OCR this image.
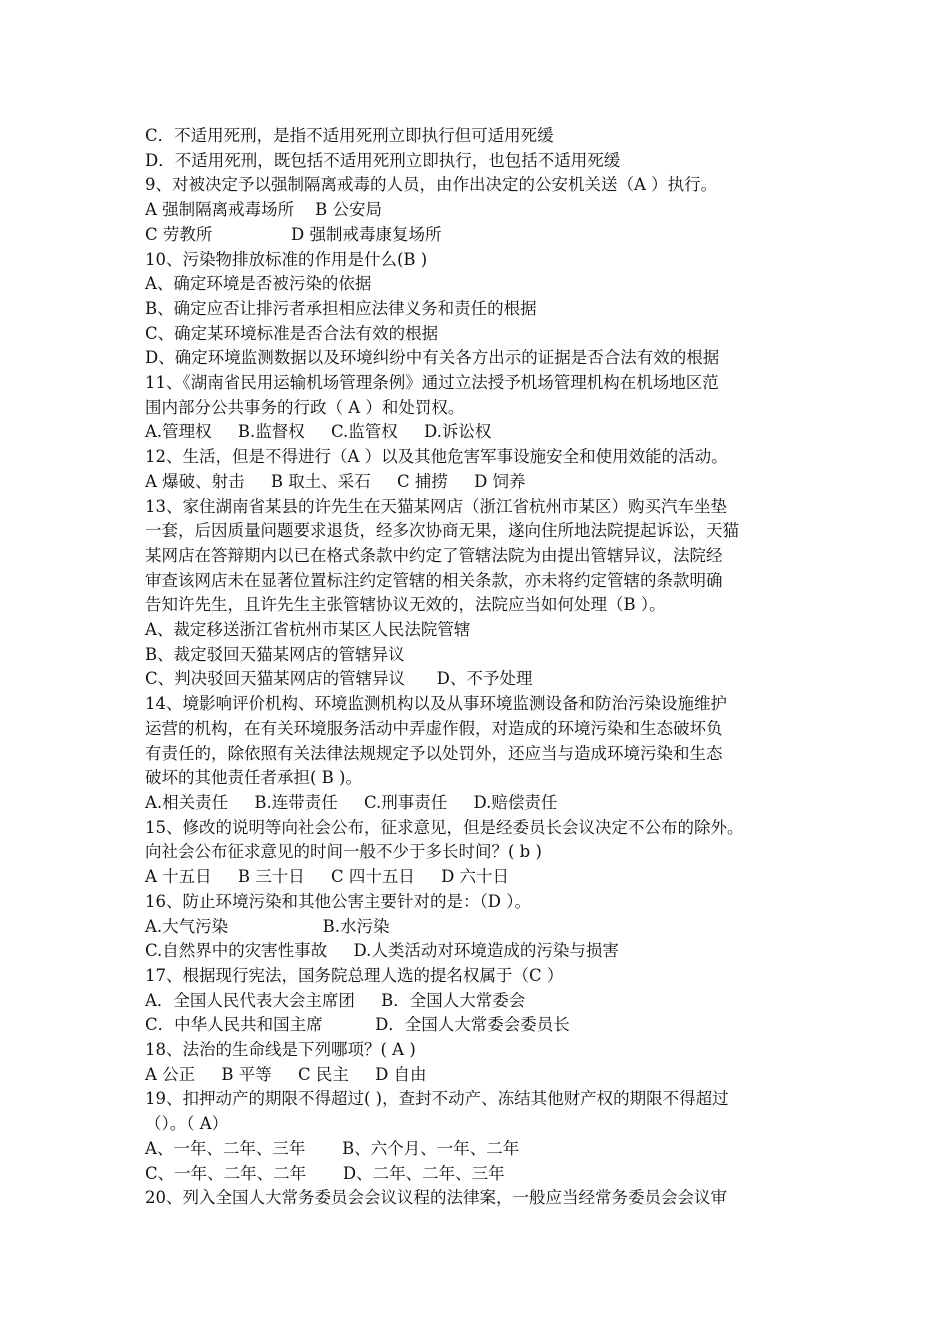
C．不适用死刑，是指不适用死刑立即执行但可适用死缓
D．不适用死刑，既包括不适用死刑立即执行，也包括不适用死缓
9、对被决定予以强制隔离戒毒的人员，由作出决定的公安机关送（A ）执行。
A 强制隔离戒毒场所    B 公安局
C 劳教所               D 强制戒毒康复场所
10、污染物排放标准的作用是什么(B )
A、确定环境是否被污染的依据
B、确定应否让排污者承担相应法律义务和责任的根据
C、确定某环境标准是否合法有效的根据
D、确定环境监测数据以及环境纠纷中有关各方出示的证据是否合法有效的根据
11、《湖南省民用运输机场管理条例》通过立法授予机场管理机构在机场地区范
围内部分公共事务的行政（ A ）和处罚权。
A.管理权     B.监督权     C.监管权     D.诉讼权
12、生活，但是不得进行（A ）以及其他危害军事设施安全和使用效能的活动。
A 爆破、射击     B 取土、采石     C 捕捞     D 饲养
13、家住湖南省某县的许先生在天猫某网店（浙江省杭州市某区）购买汽车坐垫
一套，后因质量问题要求退货，经多次协商无果，遂向住所地法院提起诉讼，天猫
某网店在答辩期内以已在格式条款中约定了管辖法院为由提出管辖异议，法院经
审查该网店未在显著位置标注约定管辖的相关条款，亦未将约定管辖的条款明确
告知许先生，且许先生主张管辖协议无效的，法院应当如何处理（B ）。
A、裁定移送浙江省杭州市某区人民法院管辖
B、裁定驳回天猫某网店的管辖异议
C、判决驳回天猫某网店的管辖异议      D、不予处理
14、境影响评价机构、环境监测机构以及从事环境监测设备和防治污染设施维护
运营的机构，在有关环境服务活动中弄虚作假，对造成的环境污染和生态破坏负
有责任的，除依照有关法律法规规定予以处罚外，还应当与造成环境污染和生态
破坏的其他责任者承担( B )。
A.相关责任     B.连带责任     C.刑事责任     D.赔偿责任
15、修改的说明等向社会公布，征求意见，但是经委员长会议决定不公布的除外。
向社会公布征求意见的时间一般不少于多长时间？( b )
A 十五日     B 三十日     C 四十五日     D 六十日
16、防止环境污染和其他公害主要针对的是：（D ）。
A.大气污染                  B.水污染
C.自然界中的灾害性事故     D.人类活动对环境造成的污染与损害
17、根据现行宪法，国务院总理人选的提名权属于（C ）
A．全国人民代表大会主席团     B．全国人大常委会
C．中华人民共和国主席          D．全国人大常委会委员长
18、法治的生命线是下列哪项？( A )
A 公正     B 平等     C 民主     D 自由
19、扣押动产的期限不得超过( )，查封不动产、冻结其他财产权的期限不得超过
（）。（ A）
A、一年、二年、三年       B、六个月、一年、二年
C、一年、二年、二年       D、二年、二年、三年
20、列入全国人大常务委员会会议议程的法律案，一般应当经常务委员会会议审
